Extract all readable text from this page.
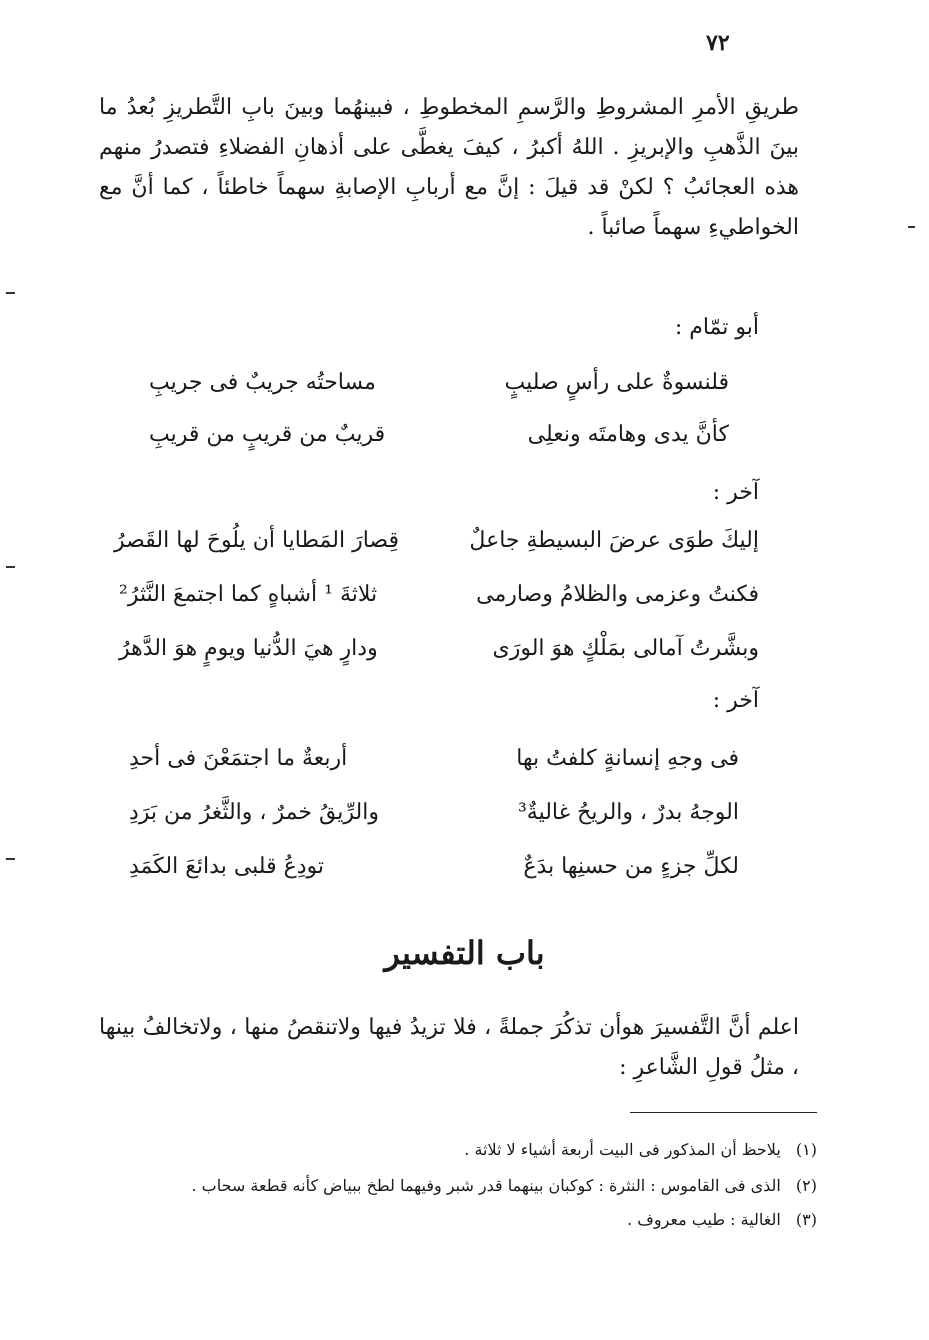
٧٢

طريقِ الأمرِ المشروطِ والرَّسمِ المخطوطِ ، فبينهُما وبينَ بابِ التَّطريزِ بُعدُ ما بينَ الذَّهبِ والإبريزِ . اللهُ أكبرُ ، كيفَ يغطَّى على أذهانِ الفضلاءِ فتصدرُ منهم هذه العجائبُ ؟ لكنْ قد قيلَ : إنَّ مع أربابِ الإصابةِ سهماً خاطئاً ، كما أنَّ مع الخواطيءِ سهماً صائباً .

أبو تمّام :
قلنسوةٌ على رأسٍ صليبٍ
مساحتُه جريبٌ فى جريبِ
كأنَّ يدى وهامتَه ونعلِى
قريبٌ من قريبٍ من قريبِ
آخر :
إليكَ طوَى عرضَ البسيطةِ جاعلٌ
قِصارَ المَطايا أن يلُوحَ لها القَصرُ
فكنتُ وعزمى والظلامُ وصارمى
ثلاثةَ ¹ أشباهٍ كما اجتمعَ النَّثرُ²
وبشَّرتُ آمالى بمَلْكٍ هوَ الورَى
ودارٍ هيَ الدُّنيا ويومٍ هوَ الدَّهرُ
آخر :
فى وجهِ إنسانةٍ كلفتُ بها
أربعةٌ ما اجتمَعْنَ فى أحدِ
الوجهُ بدرٌ ، والريحُ غاليةٌ³
والرِّيقُ خمرٌ ، والثَّغرُ من بَرَدِ
لكلِّ جزءٍ من حسنِها بدَعٌ
تودِعُ قلبى بدائعَ الكَمَدِ
باب التفسير

اعلم أنَّ التَّفسيرَ هوأن تذكُرَ جملةً ، فلا تزيدُ فيها ولاتنقصُ منها ، ولاتخالفُ بينها ، مثلُ قولِ الشَّاعرِ :

(١) يلاحظ أن المذكور فى البيت أربعة أشياء لا ثلاثة .
(٢) الذى فى القاموس : النثرة : كوكبان بينهما قدر شبر وفيهما لطخ ببياض كأنه قطعة سحاب .
(٣) الغالية : طيب معروف .
